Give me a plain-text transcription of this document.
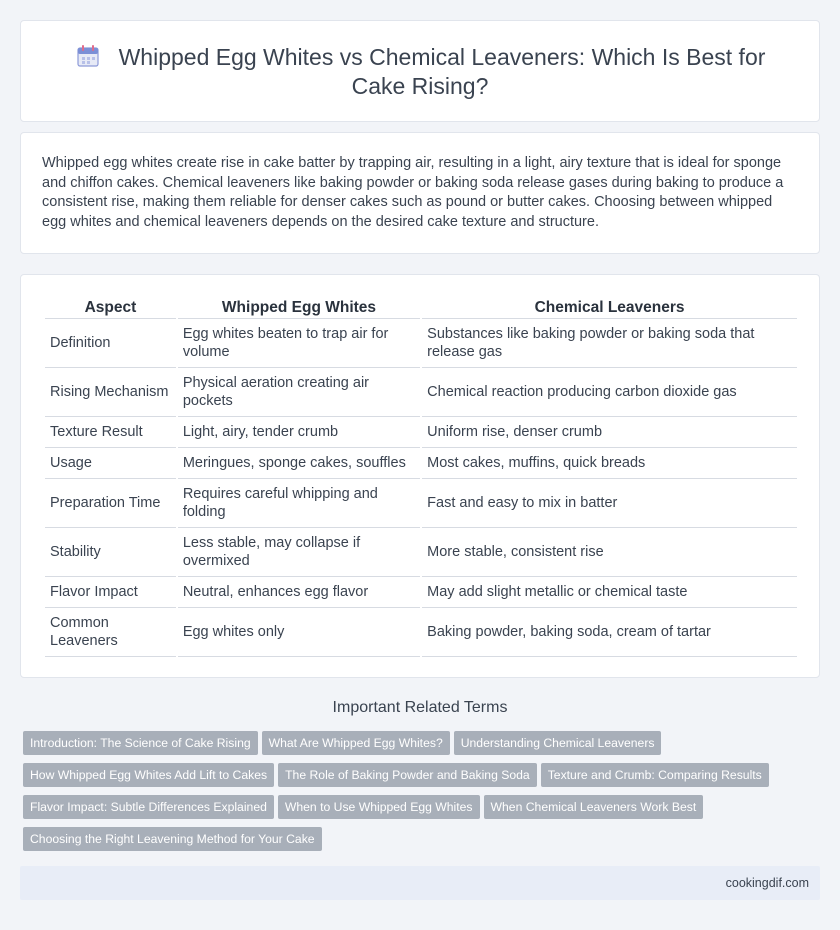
Whipped Egg Whites vs Chemical Leaveners: Which Is Best for Cake Rising?

Whipped egg whites create rise in cake batter by trapping air, resulting in a light, airy texture that is ideal for sponge and chiffon cakes. Chemical leaveners like baking powder or baking soda release gases during baking to produce a consistent rise, making them reliable for denser cakes such as pound or butter cakes. Choosing between whipped egg whites and chemical leaveners depends on the desired cake texture and structure.

Aspect	Whipped Egg Whites	Chemical Leaveners
Definition	Egg whites beaten to trap air for volume	Substances like baking powder or baking soda that release gas
Rising Mechanism	Physical aeration creating air pockets	Chemical reaction producing carbon dioxide gas
Texture Result	Light, airy, tender crumb	Uniform rise, denser crumb
Usage	Meringues, sponge cakes, souffles	Most cakes, muffins, quick breads
Preparation Time	Requires careful whipping and folding	Fast and easy to mix in batter
Stability	Less stable, may collapse if overmixed	More stable, consistent rise
Flavor Impact	Neutral, enhances egg flavor	May add slight metallic or chemical taste
Common Leaveners	Egg whites only	Baking powder, baking soda, cream of tartar
Important Related Terms
Introduction: The Science of Cake Rising What Are Whipped Egg Whites? Understanding Chemical Leaveners
How Whipped Egg Whites Add Lift to Cakes The Role of Baking Powder and Baking Soda Texture and Crumb: Comparing Results
Flavor Impact: Subtle Differences Explained When to Use Whipped Egg Whites When Chemical Leaveners Work Best
Choosing the Right Leavening Method for Your Cake
cookingdif.com
